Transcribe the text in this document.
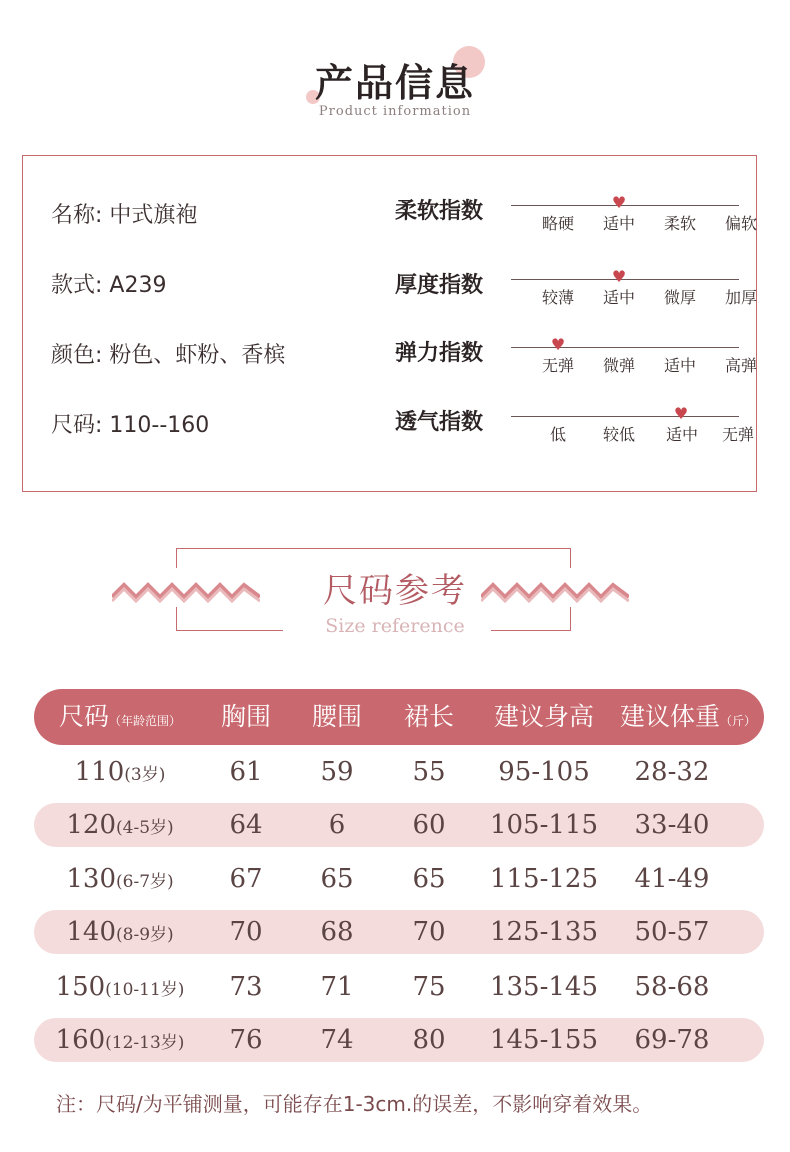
产品信息
Product information
名称: 中式旗袍
款式: A239
颜色: 粉色、虾粉、香槟
尺码: 110--160
柔软指数	♥
略硬	适中	柔软	偏软
厚度指数	♥
较薄	适中	微厚	加厚
弹力指数	♥
无弹	微弹	适中	高弹
透气指数	♥
低	较低	适中	无弹
尺码参考
Size reference
尺码（年龄范围）	胸围	腰围	裙长	建议身高	建议体重（斤）
110(3岁)	61	59	55	95-105	28-32
120(4-5岁)	64	6	60	105-115	33-40
130(6-7岁)	67	65	65	115-125	41-49
140(8-9岁)	70	68	70	125-135	50-57
150(10-11岁)	73	71	75	135-145	58-68
160(12-13岁)	76	74	80	145-155	69-78
注：尺码/为平铺测量，可能存在1-3cm.的误差，不影响穿着效果。
